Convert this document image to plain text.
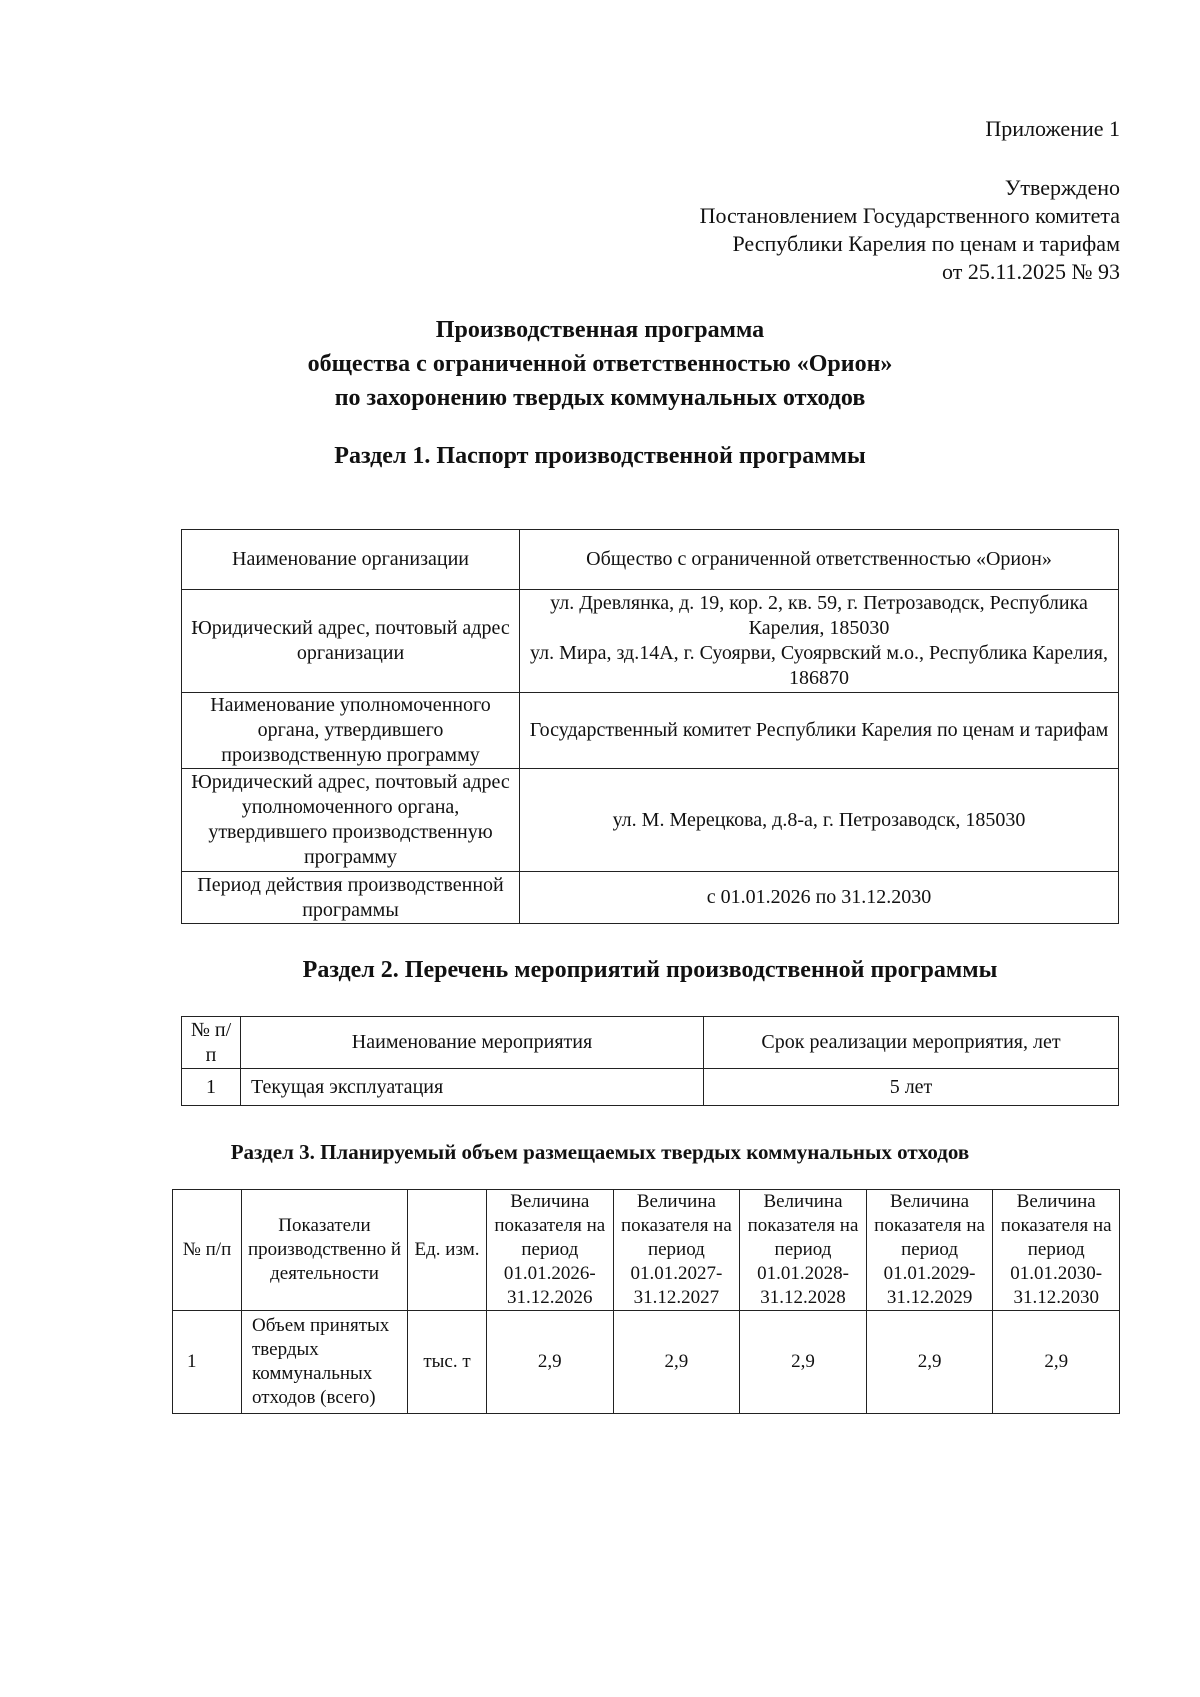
Приложение 1
Утверждено
Постановлением Государственного комитета
Республики Карелия по ценам и тарифам
от 25.11.2025 № 93
Производственная программа
общества с ограниченной ответственностью «Орион»
по захоронению твердых коммунальных отходов
Раздел 1. Паспорт производственной программы
Наименование организации	Общество с ограниченной ответственностью «Орион»
Юридический адрес, почтовый адрес организации	ул. Древлянка, д. 19, кор. 2, кв. 59, г. Петрозаводск, Республика Карелия, 185030
ул. Мира, зд.14А, г. Суоярви, Суоярвский м.о., Республика Карелия, 186870

Наименование уполномоченного органа, утвердившего производственную программу	Государственный комитет Республики Карелия по ценам и тарифам
Юридический адрес, почтовый адрес уполномоченного органа, утвердившего производственную программу	ул. М. Мерецкова, д.8-а, г. Петрозаводск, 185030
Период действия производственной программы	с 01.01.2026 по 31.12.2030
Раздел 2. Перечень мероприятий производственной программы
№ п/п	Наименование мероприятия	Срок реализации мероприятия, лет
1	Текущая эксплуатация	5 лет
Раздел 3. Планируемый объем размещаемых твердых коммунальных отходов
№ п/п	Показатели производственно й деятельности	Ед. изм.	Величина показателя на период 01.01.2026-31.12.2026	Величина показателя на период 01.01.2027-31.12.2027	Величина показателя на период 01.01.2028-31.12.2028	Величина показателя на период 01.01.2029-31.12.2029	Величина показателя на период 01.01.2030-31.12.2030
1	Объем принятых твердых коммунальных отходов (всего)	тыс. т	2,9	2,9	2,9	2,9	2,9
